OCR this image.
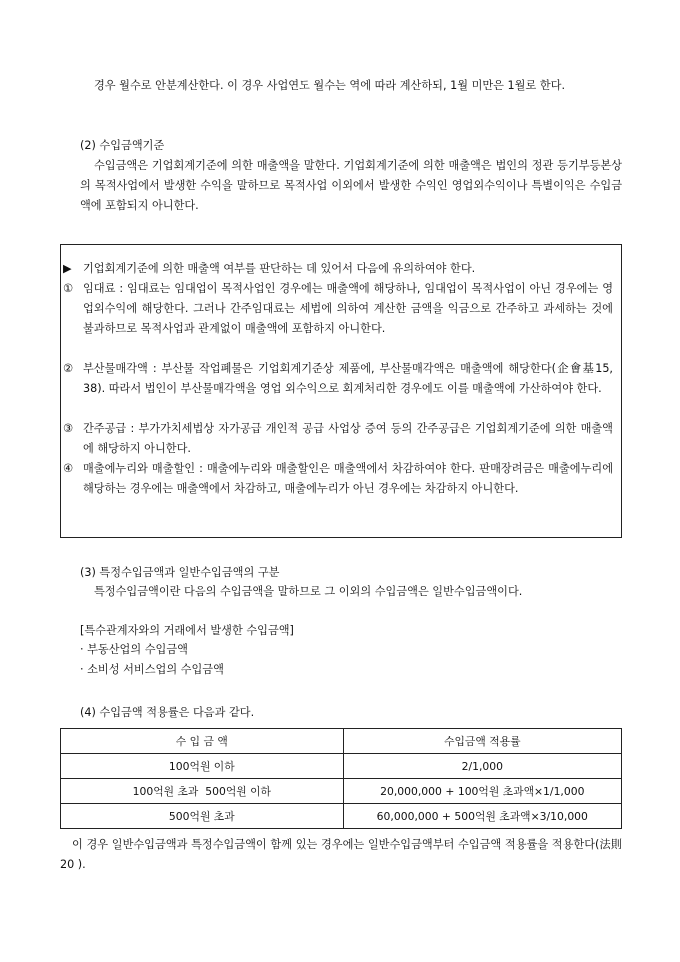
경우 월수로 안분계산한다. 이 경우 사업연도 월수는 역에 따라 계산하되, 1월 미만은 1월로 한다.

(2) 수입금액기준

수입금액은 기업회계기준에 의한 매출액을 말한다. 기업회계기준에 의한 매출액은 법인의 정관 등기부등본상의 목적사업에서 발생한 수익을 말하므로 목적사업 이외에서 발생한 수익인 영업외수익이나 특별이익은 수입금액에 포함되지 아니한다.

▶	기업회계기준에 의한 매출액 여부를 판단하는 데 있어서 다음에 유의하여야 한다.
① 임대료 : 임대료는 임대업이 목적사업인 경우에는 매출액에 해당하나, 임대업이 목적사업이 아닌 경우에는 영업외수익에 해당한다. 그러나 간주임대료는 세법에 의하여 계산한 금액을 익금으로 간주하고 과세하는 것에 불과하므로 목적사업과 관계없이 매출액에 포함하지 아니한다.
② 부산물매각액 : 부산물 작업폐물은 기업회계기준상 제품에, 부산물매각액은 매출액에 해당한다(企會基15, 38). 따라서 법인이 부산물매각액을 영업 외수익으로 회계처리한 경우에도 이를 매출액에 가산하여야 한다.
③ 간주공급 : 부가가치세법상 자가공급 개인적 공급 사업상 증여 등의 간주공급은 기업회계기준에 의한 매출액에 해당하지 아니한다.
④ 매출에누리와 매출할인 : 매출에누리와 매출할인은 매출액에서 차감하여야 한다. 판매장려금은 매출에누리에 해당하는 경우에는 매출액에서 차감하고, 매출에누리가 아닌 경우에는 차감하지 아니한다.
(3) 특정수입금액과 일반수입금액의 구분
특정수입금액이란 다음의 수입금액을 말하므로 그 이외의 수입금액은 일반수입금액이다.
[특수관계자와의 거래에서 발생한 수입금액]
· 부동산업의 수입금액
· 소비성 서비스업의 수입금액
(4) 수입금액 적용률은 다음과 같다.
수 입 금 액	수입금액 적용률
100억원 이하	2/1,000
100억원 초과  500억원 이하	20,000,000 + 100억원 초과액×1/1,000
500억원 초과	60,000,000 + 500억원 초과액×3/10,000

이 경우 일반수입금액과 특정수입금액이 함께 있는 경우에는 일반수입금액부터 수입금액 적용률을 적용한다(法則 20 ).
